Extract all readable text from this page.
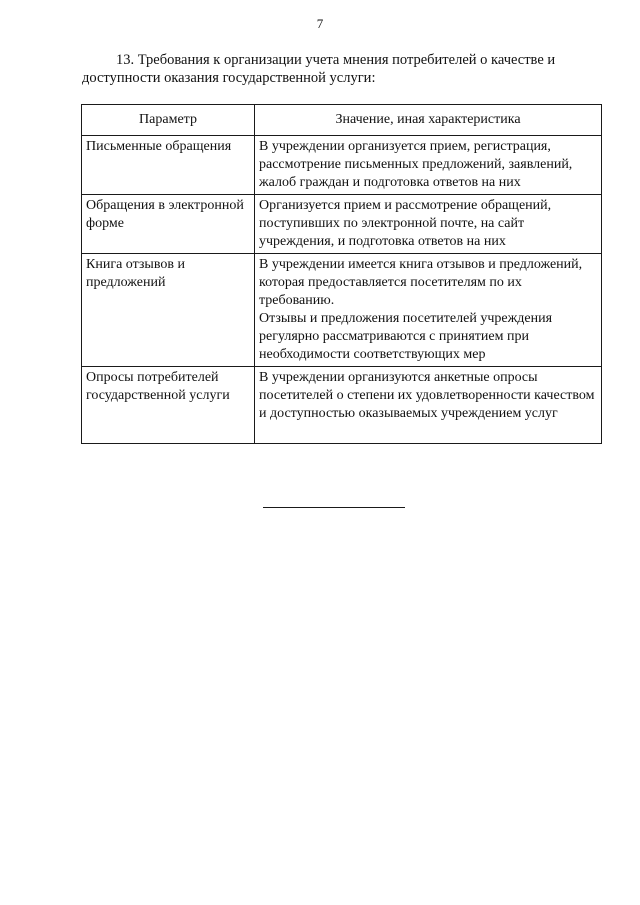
7

13. Требования к организации учета мнения потребителей о качестве и доступности оказания государственной услуги:

Параметр	Значение, иная характеристика
Письменные обращения	В учреждении организуется прием, регистрация, рассмотрение письменных предложений, заявлений, жалоб граждан и подготовка ответов на них

Обращения в электронной форме	Организуется прием и рассмотрение обращений, поступивших по электронной почте, на сайт учреждения, и подготовка ответов на них

Книга отзывов и предложений	В учреждении имеется книга отзывов и предложений, которая предоставляется посетителям по их требованию.
Отзывы и предложения посетителей учреждения регулярно рассматриваются с принятием при необходимости соответствующих мер

Опросы потребителей государственной услуги	В учреждении организуются анкетные опросы посетителей о степени их удовлетворенности качеством и доступностью оказываемых учреждением услуг
